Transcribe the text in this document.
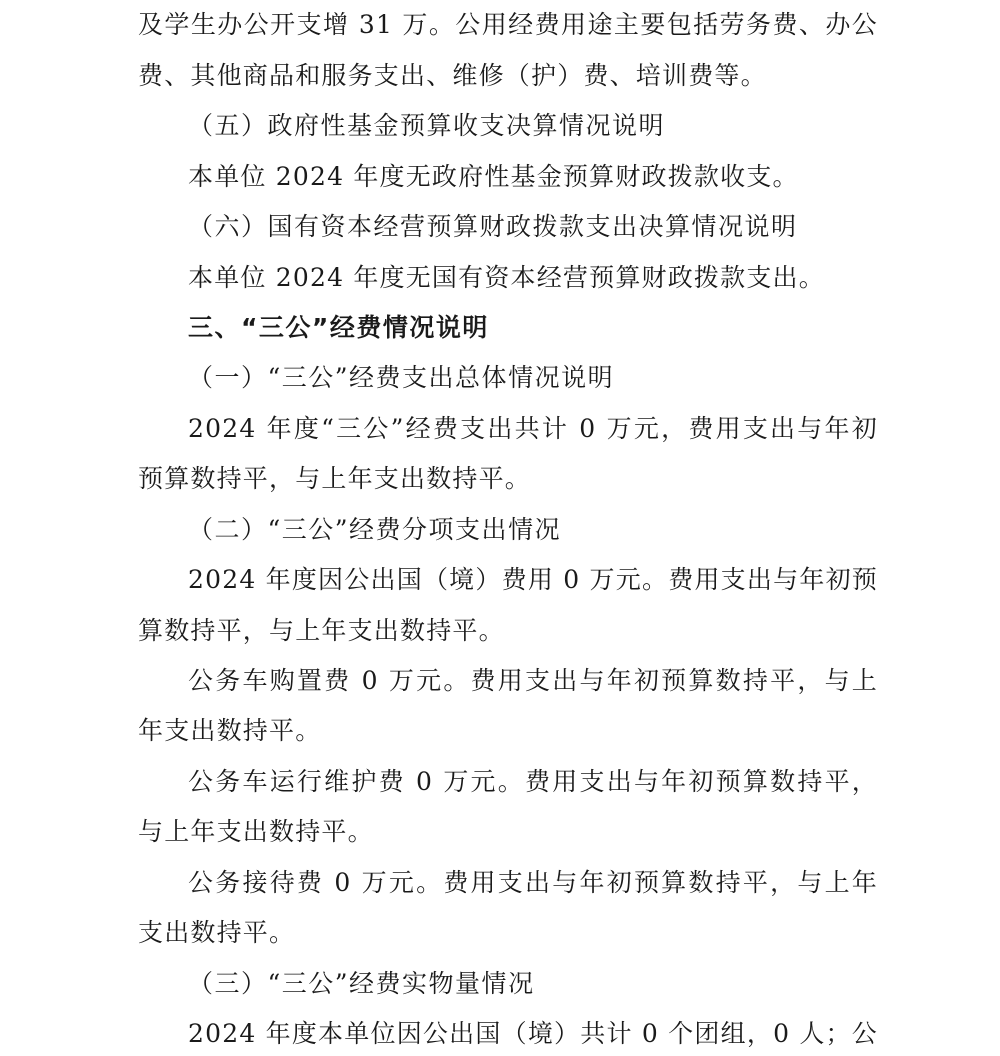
及学生办公开支增 31 万。公用经费用途主要包括劳务费、办公
费、其他商品和服务支出、维修（护）费、培训费等。
（五）政府性基金预算收支决算情况说明
本单位 2024 年度无政府性基金预算财政拨款收支。
（六）国有资本经营预算财政拨款支出决算情况说明
本单位 2024 年度无国有资本经营预算财政拨款支出。
三、“三公”经费情况说明
（一）“三公”经费支出总体情况说明
2024 年度“三公”经费支出共计 0 万元，费用支出与年初
预算数持平，与上年支出数持平。
（二）“三公”经费分项支出情况
2024 年度因公出国（境）费用 0 万元。费用支出与年初预
算数持平，与上年支出数持平。
公务车购置费 0 万元。费用支出与年初预算数持平，与上
年支出数持平。
公务车运行维护费 0 万元。费用支出与年初预算数持平，
与上年支出数持平。
公务接待费 0 万元。费用支出与年初预算数持平，与上年
支出数持平。
（三）“三公”经费实物量情况
2024 年度本单位因公出国（境）共计 0 个团组，0 人；公
